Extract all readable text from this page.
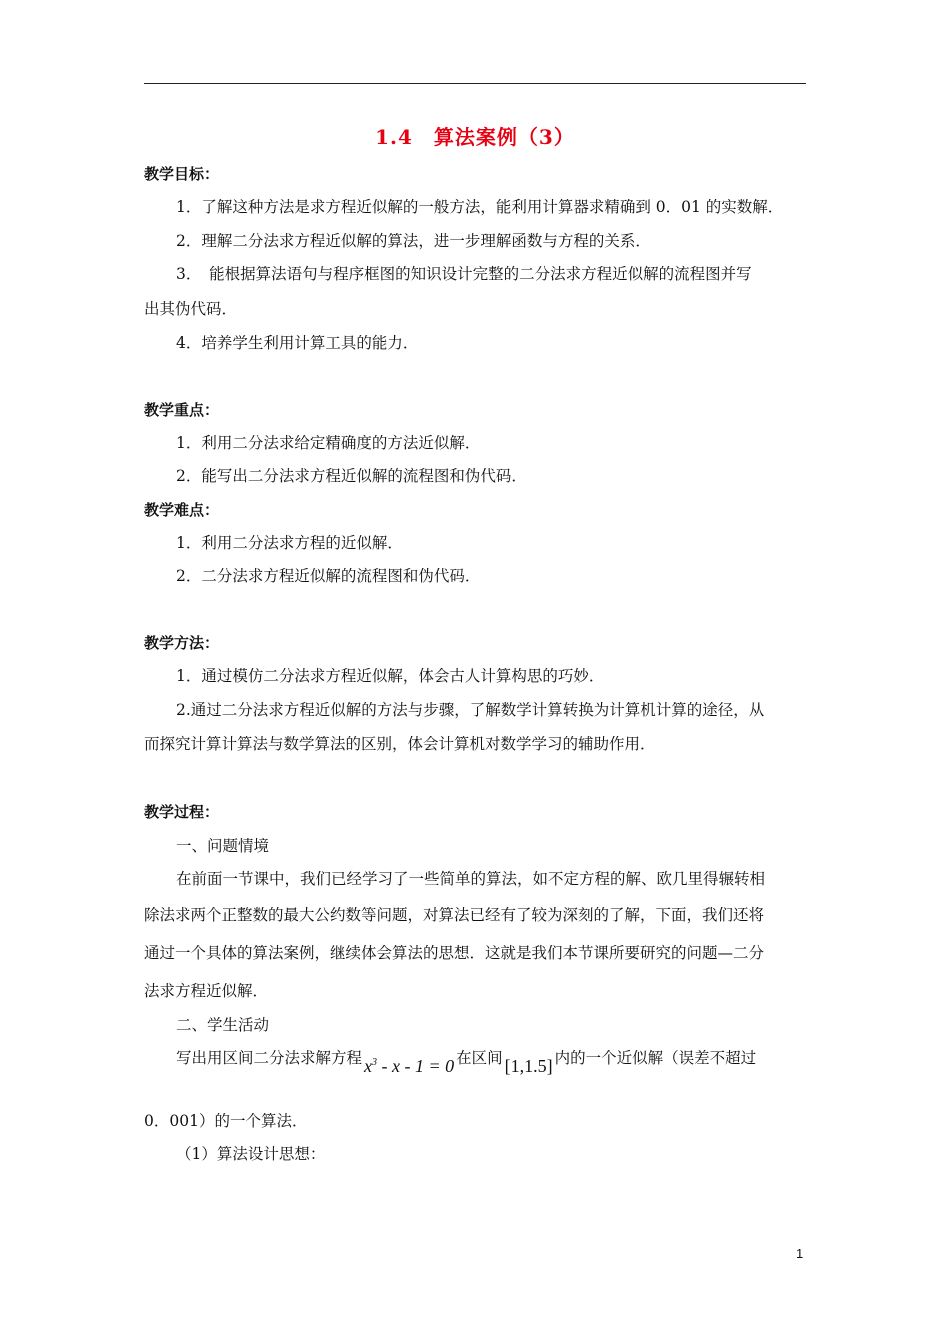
1.4　算法案例（3）
教学目标：
1．了解这种方法是求方程近似解的一般方法，能利用计算器求精确到 0．01 的实数解．
2．理解二分法求方程近似解的算法，进一步理解函数与方程的关系．
3．　能根据算法语句与程序框图的知识设计完整的二分法求方程近似解的流程图并写
出其伪代码．
4．培养学生利用计算工具的能力．
教学重点：
1．利用二分法求给定精确度的方法近似解．
2．能写出二分法求方程近似解的流程图和伪代码．
教学难点：
1．利用二分法求方程的近似解．
2．二分法求方程近似解的流程图和伪代码．
教学方法：
1．通过模仿二分法求方程近似解，体会古人计算构思的巧妙．
2.通过二分法求方程近似解的方法与步骤，了解数学计算转换为计算机计算的途径，从
而探究计算计算法与数学算法的区别，体会计算机对数学学习的辅助作用．
教学过程：
一、问题情境
在前面一节课中，我们已经学习了一些简单的算法，如不定方程的解、欧几里得辗转相
除法求两个正整数的最大公约数等问题，对算法已经有了较为深刻的了解，下面，我们还将
通过一个具体的算法案例，继续体会算法的思想．这就是我们本节课所要研究的问题—二分
法求方程近似解．
二、学生活动
写出用区间二分法求解方程 $x^3 - x - 1 = 0$ 在区间 [1,1.5] 内的一个近似解（误差不超过
0．001）的一个算法．
（1）算法设计思想：
1
